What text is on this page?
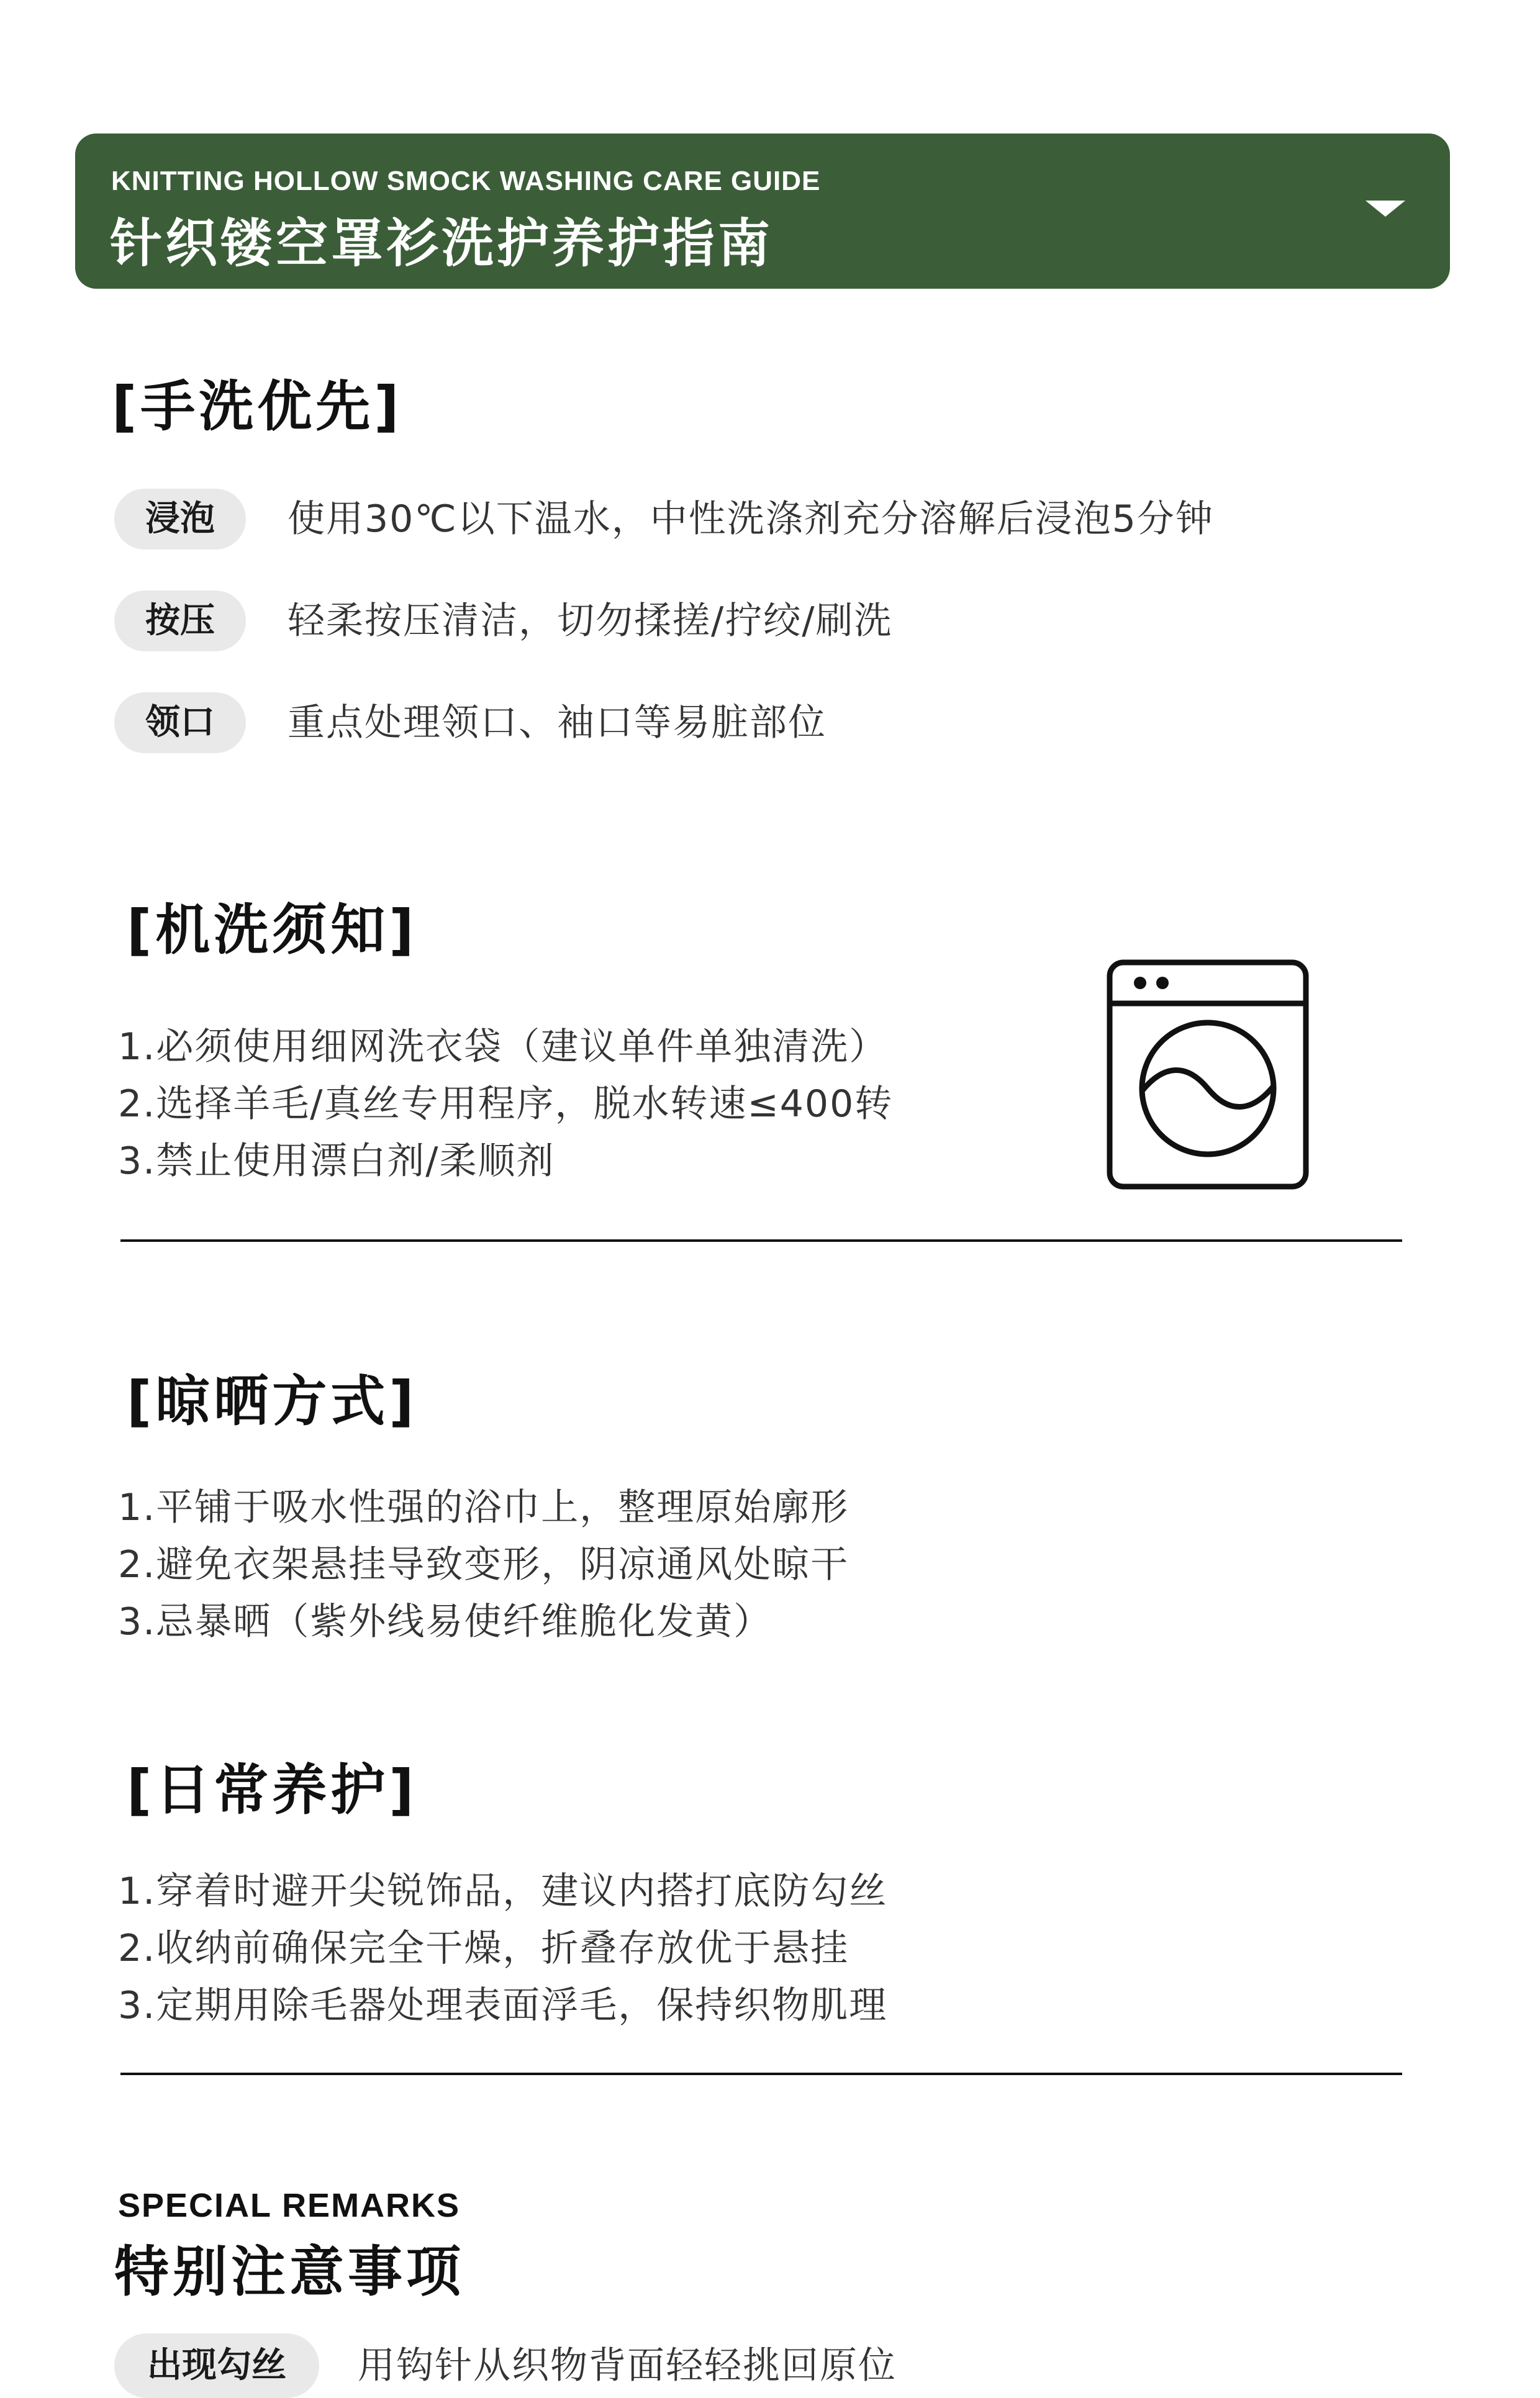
KNITTING HOLLOW SMOCK WASHING CARE GUIDE
针织镂空罩衫洗护养护指南
[手洗优先]
浸泡	使用30℃以下温水，中性洗涤剂充分溶解后浸泡5分钟
按压	轻柔按压清洁，切勿揉搓/拧绞/刷洗
领口	重点处理领口、袖口等易脏部位
[机洗须知]
1.必须使用细网洗衣袋（建议单件单独清洗）
2.选择羊毛/真丝专用程序，脱水转速≤400转
3.禁止使用漂白剂/柔顺剂
[晾晒方式]
1.平铺于吸水性强的浴巾上，整理原始廓形
2.避免衣架悬挂导致变形，阴凉通风处晾干
3.忌暴晒（紫外线易使纤维脆化发黄）
[日常养护]
1.穿着时避开尖锐饰品，建议内搭打底防勾丝
2.收纳前确保完全干燥，折叠存放优于悬挂
3.定期用除毛器处理表面浮毛，保持织物肌理
SPECIAL REMARKS
特别注意事项
出现勾丝	用钩针从织物背面轻轻挑回原位
